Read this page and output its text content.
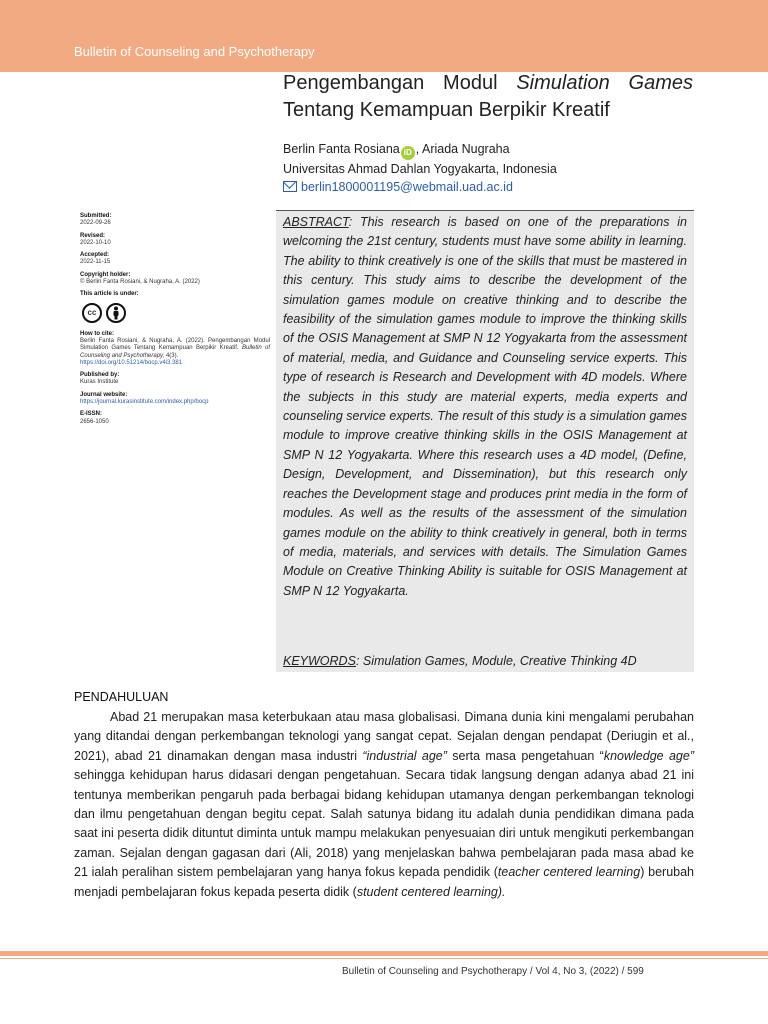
Bulletin of Counseling and Psychotherapy
Pengembangan Modul Simulation Games
Tentang Kemampuan Berpikir Kreatif
Berlin Fanta Rosiana iD , Ariada Nugraha
Universitas Ahmad Dahlan Yogyakarta, Indonesia
berlin1800001195@webmail.uad.ac.id
Submitted:
2022-09-26
Revised:
2022-10-10
Accepted:
2022-11-15
Copyright holder:
© Berlin Fanta Rosiani, & Nugraha, A. (2022)
This article is under:
cc
How to cite:
Berlin Fanta Rosiani, & Nugraha, A. (2022). Pengembangan Modul Simulation Games Tentang Kemampuan Berpikir Kreatif. Bulletin of Counseling and Psychotherapy, 4(3).
https://doi.org/10.51214/bocp.v4i3.381
Published by:
Kuras Institute
Journal website:
https://journal.kurasinstitute.com/index.php/bocp
E-ISSN:
2656-1050
ABSTRACT: This research is based on one of the preparations in welcoming the 21st century, students must have some ability in learning. The ability to think creatively is one of the skills that must be mastered in this century. This study aims to describe the development of the simulation games module on creative thinking and to describe the feasibility of the simulation games module to improve the thinking skills of the OSIS Management at SMP N 12 Yogyakarta from the assessment of material, media, and Guidance and Counseling service experts. This type of research is Research and Development with 4D models. Where the subjects in this study are material experts, media experts and counseling service experts. The result of this study is a simulation games module to improve creative thinking skills in the OSIS Management at SMP N 12 Yogyakarta. Where this research uses a 4D model, (Define, Design, Development, and Dissemination), but this research only reaches the Development stage and produces print media in the form of modules. As well as the results of the assessment of the simulation games module on the ability to think creatively in general, both in terms of media, materials, and services with details. The Simulation Games Module on Creative Thinking Ability is suitable for OSIS Management at SMP N 12 Yogyakarta.
KEYWORDS: Simulation Games, Module, Creative Thinking 4D
PENDAHULUAN

Abad 21 merupakan masa keterbukaan atau masa globalisasi. Dimana dunia kini mengalami perubahan yang ditandai dengan perkembangan teknologi yang sangat cepat. Sejalan dengan pendapat (Deriugin et al., 2021), abad 21 dinamakan dengan masa industri “industrial age” serta masa pengetahuan “knowledge age” sehingga kehidupan harus didasari dengan pengetahuan. Secara tidak langsung dengan adanya abad 21 ini tentunya memberikan pengaruh pada berbagai bidang kehidupan utamanya dengan perkembangan teknologi dan ilmu pengetahuan dengan begitu cepat. Salah satunya bidang itu adalah dunia pendidikan dimana pada saat ini peserta didik dituntut diminta untuk mampu melakukan penyesuaian diri untuk mengikuti perkembangan zaman. Sejalan dengan gagasan dari (Ali, 2018) yang menjelaskan bahwa pembelajaran pada masa abad ke 21 ialah peralihan sistem pembelajaran yang hanya fokus kepada pendidik (teacher centered learning) berubah menjadi pembelajaran fokus kepada peserta didik (student centered learning).

Bulletin of Counseling and Psychotherapy / Vol 4, No 3, (2022) / 599
